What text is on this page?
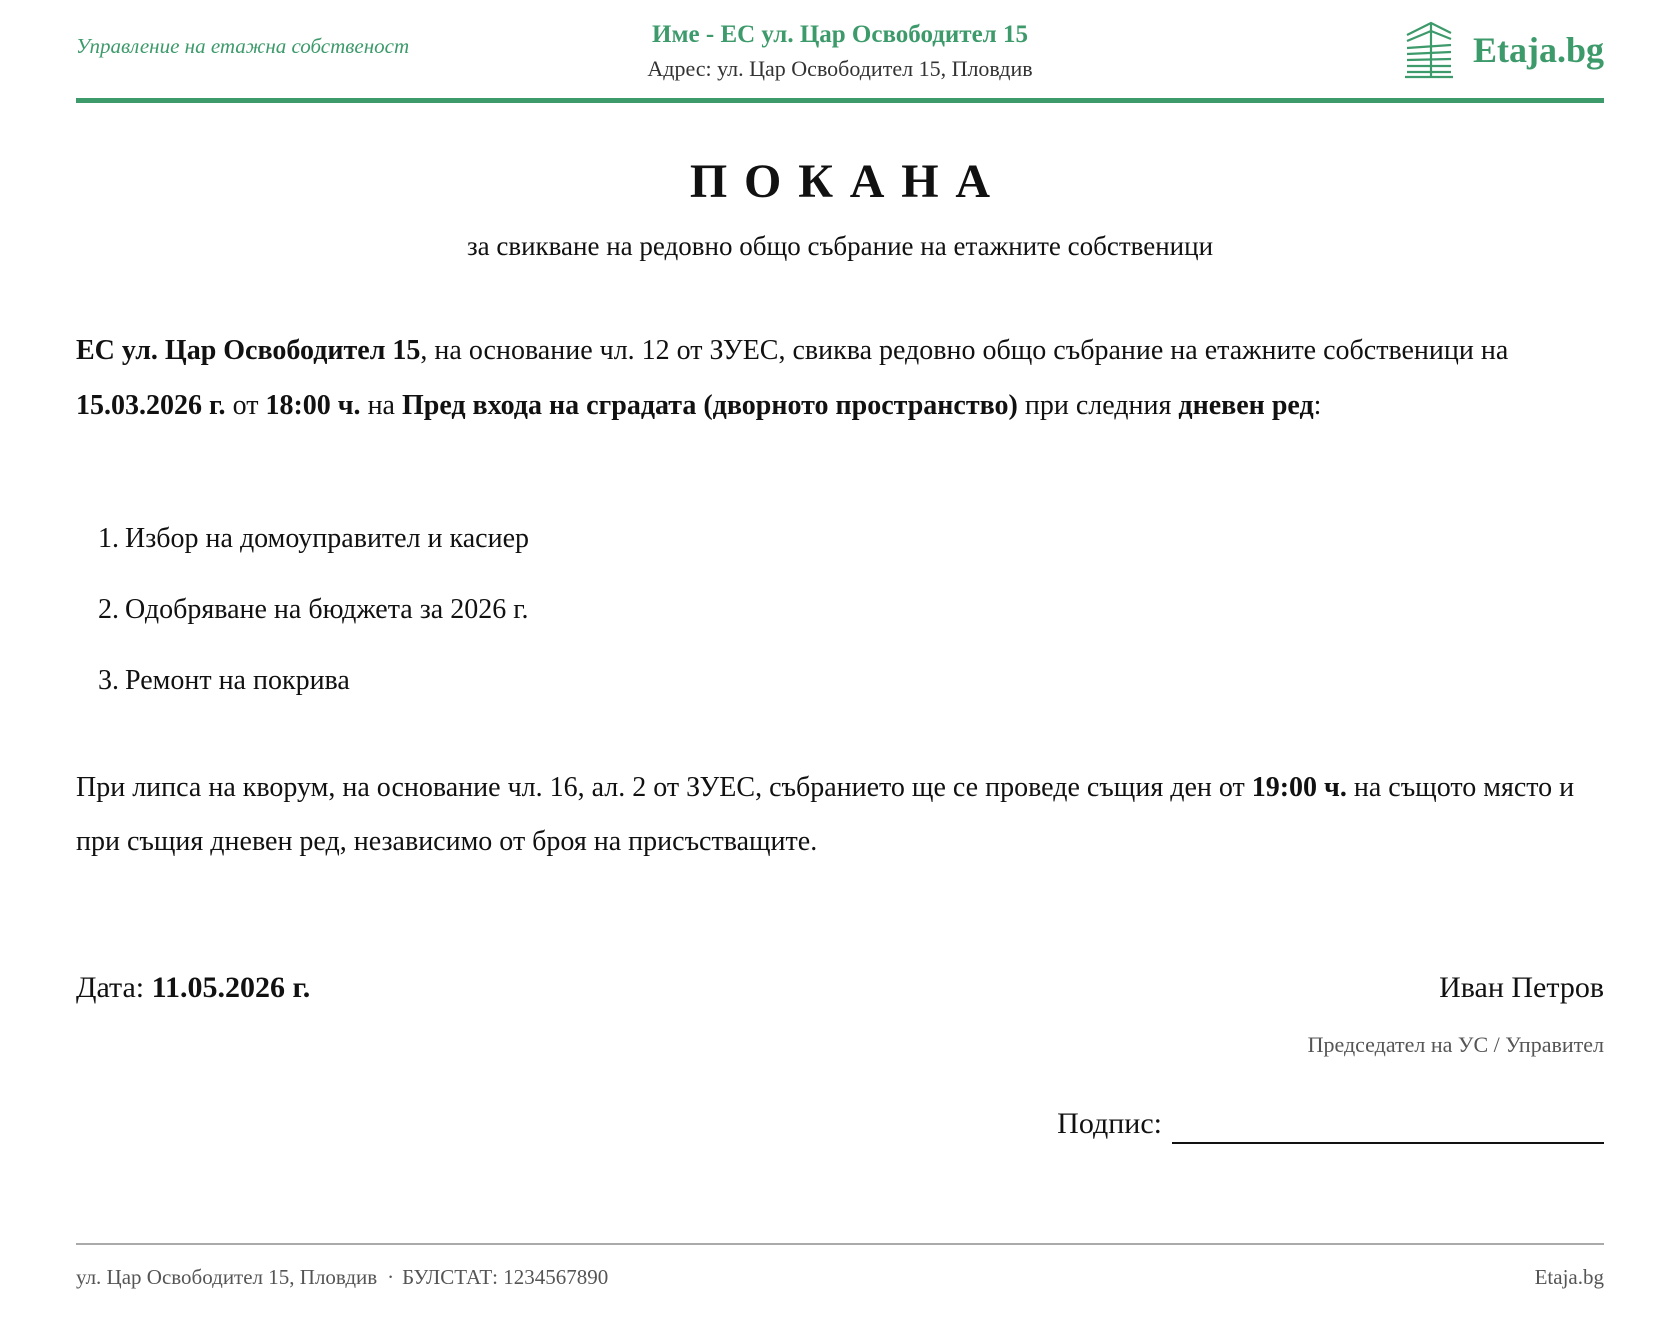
Управление на етажна собственост	Име - ЕС ул. Цар Освободител 15
Адрес: ул. Цар Освободител 15, Пловдив	Etaja.bg
ПОКАНА
за свикване на редовно общо събрание на етажните собственици

ЕС ул. Цар Освободител 15, на основание чл. 12 от ЗУЕС, свиква редовно общо събрание на етажните собственици на 15.03.2026 г. от 18:00 ч. на Пред входа на сградата (дворното пространство) при следния дневен ред:

1. Избор на домоуправител и касиер
2. Одобряване на бюджета за 2026 г.
3. Ремонт на покрива

При липса на кворум, на основание чл. 16, ал. 2 от ЗУЕС, събранието ще се проведе същия ден от 19:00 ч. на същото място и при същия дневен ред, независимо от броя на присъстващите.

Дата: 11.05.2026 г.	Иван Петров
Председател на УС / Управител
Подпис:
ул. Цар Освободител 15, Пловдив · БУЛСТАТ: 1234567890	Etaja.bg
